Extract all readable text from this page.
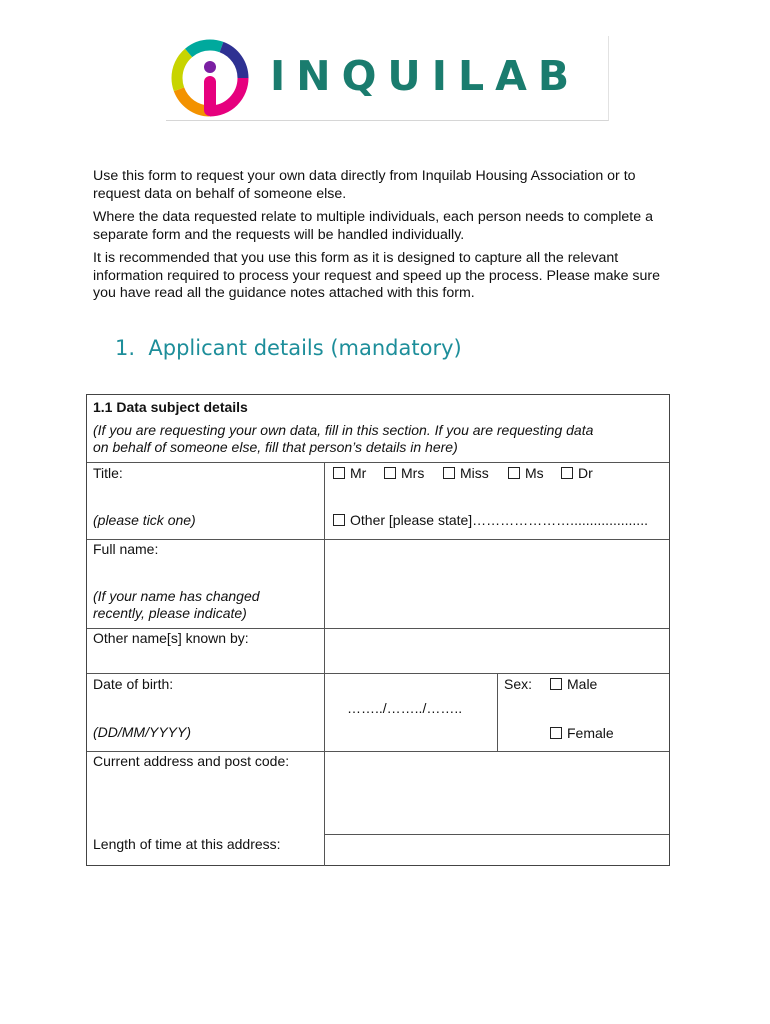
INQUILAB

Use this form to request your own data directly from Inquilab Housing Association or to request data on behalf of someone else.

Where the data requested relate to multiple individuals, each person needs to complete a separate form and the requests will be handled individually.

It is recommended that you use this form as it is designed to capture all the relevant information required to process your request and speed up the process. Please make sure you have read all the guidance notes attached with this form.

1.  Applicant details (mandatory)
1.1 Data subject details
(If you are requesting your own data, fill in this section. If you are requesting data
on behalf of someone else, fill that person’s details in here)
Title:
(please tick one)
Mr	Mrs	Miss	Ms	Dr
Other [please state]…………………....................
Full name:
(If your name has changed
recently, please indicate)
Other name[s] known by:
Date of birth:
(DD/MM/YYYY)
……../……../……..
Sex:	Male
Female
Current address and post code:
Length of time at this address:
